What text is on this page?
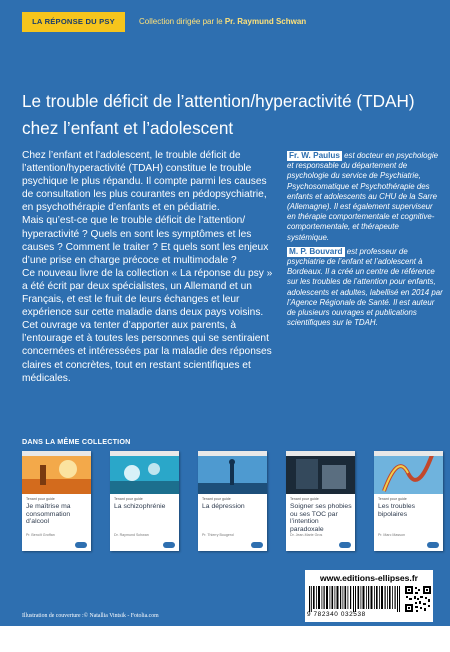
LA RÉPONSE DU PSY	Collection dirigée par le Pr. Raymund Schwan
Le trouble déficit de l’attention/hyperactivité (TDAH) chez l’enfant et l’adolescent

Chez l’enfant et l’adolescent, le trouble déficit de l’attention/hyperactivité (TDAH) constitue le trouble psychique le plus répandu. Il compte parmi les causes de consultation les plus courantes en pédopsychiatrie, en psychothérapie d’enfants et en pédiatrie.

Mais qu’est-ce que le trouble déficit de l’attention/ hyperactivité ? Quels en sont les symptômes et les causes ? Comment le traiter ? Et quels sont les enjeux d’une prise en charge précoce et multimodale ?

Ce nouveau livre de la collection « La réponse du psy » a été écrit par deux spécialistes, un Allemand et un Français, et est le fruit de leurs échanges et leur expérience sur cette maladie dans deux pays voisins. Cet ouvrage va tenter d’apporter aux parents, à l’entourage et à toutes les personnes qui se sentiraient concernées et intéressées par la maladie des réponses claires et concrètes, tout en restant scientifiques et médicales.

Fr. W. Paulus est docteur en psychologie et responsable du département de psychologie du service de Psychiatrie, Psychosomatique et Psychothérapie des enfants et adolescents au CHU de la Sarre (Allemagne). Il est également superviseur en thérapie comportementale et cognitive-comportementale, et thérapeute systémique.

M. P. Bouvard est professeur de psychiatrie de l’enfant et l’adolescent à Bordeaux. Il a créé un centre de référence sur les troubles de l’attention pour enfants, adolescents et adultes, labellisé en 2014 par l’Agence Régionale de Santé. Il est auteur de plusieurs ouvrages et publications scientifiques sur le TDAH.

DANS LA MÊME COLLECTION
Tenant pour guide
Je maîtrise ma consommation d’alcool
Pr. Benoît Groffan
Tenant pour guide
La schizophrénie
Dr. Raymund Schwan
Tenant pour guide
La dépression
Pr. Thierry Bougerol
Tenant pour guide
Soigner ses phobies ou ses TOC par l’intention paradoxale
Dr. Jean-Marie Gros
Tenant pour guide
Les troubles bipolaires
Pr. Marc Masson
www.editions-ellipses.fr
9 782340 032538
Illustration de couverture :© Natallia Vintsik - Fotolia.com
